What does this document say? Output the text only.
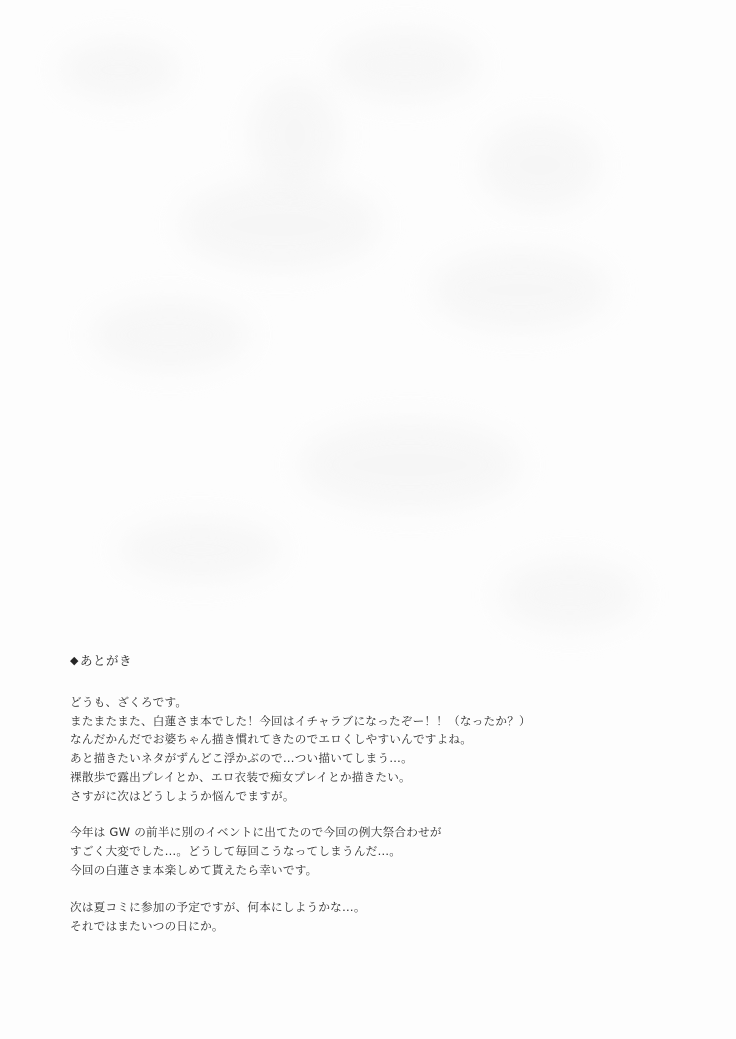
◆あとがき

どうも、ざくろです。
またまたまた、白蓮さま本でした！今回はイチャラブになったぞー！！（なったか？）
なんだかんだでお婆ちゃん描き慣れてきたのでエロくしやすいんですよね。
あと描きたいネタがずんどこ浮かぶので…つい描いてしまう…。
裸散歩で露出プレイとか、エロ衣装で痴女プレイとか描きたい。
さすがに次はどうしようか悩んでますが。

今年は GW の前半に別のイベントに出てたので今回の例大祭合わせが
すごく大変でした…。どうして毎回こうなってしまうんだ…。
今回の白蓮さま本楽しめて貰えたら幸いです。

次は夏コミに参加の予定ですが、何本にしようかな…。
それではまたいつの日にか。
